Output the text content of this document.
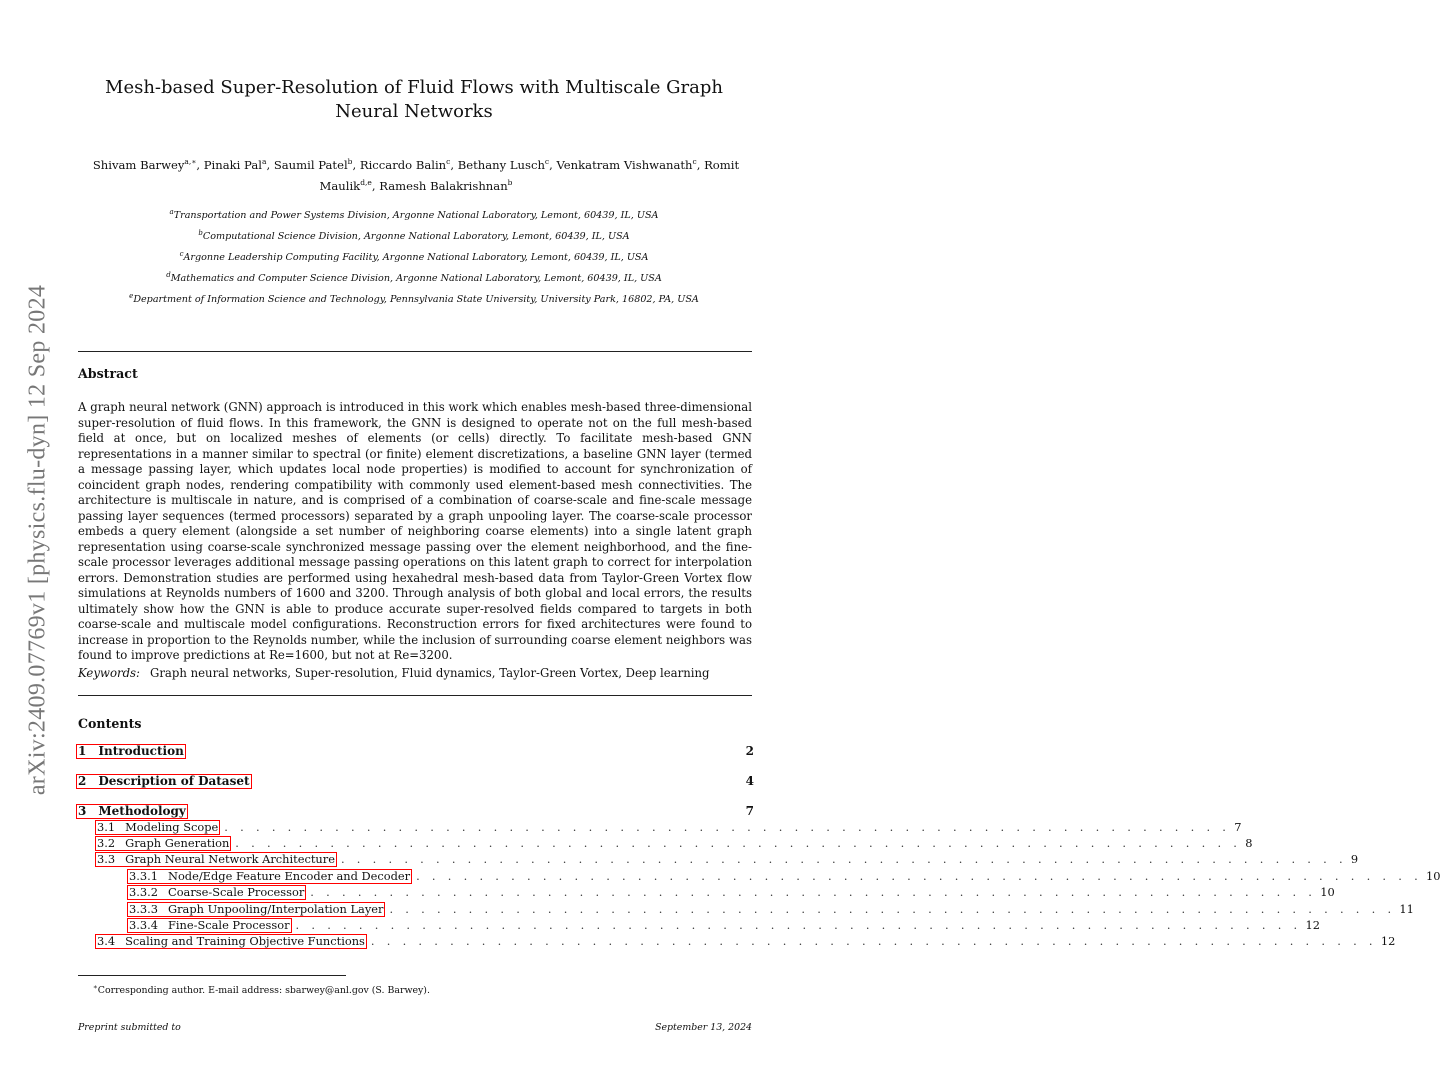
arXiv:2409.07769v1 [physics.flu-dyn] 12 Sep 2024
Mesh-based Super-Resolution of Fluid Flows with Multiscale Graph Neural Networks
Shivam Barwey$^{a,∗}$, Pinaki Pal$^a$, Saumil Patel$^b$, Riccardo Balin$^c$, Bethany Lusch$^c$, Venkatram Vishwanath$^c$, Romit Maulik$^{d,e}$, Ramesh Balakrishnan$^b$
$^a$Transportation and Power Systems Division, Argonne National Laboratory, Lemont, 60439, IL, USA
$^b$Computational Science Division, Argonne National Laboratory, Lemont, 60439, IL, USA
$^c$Argonne Leadership Computing Facility, Argonne National Laboratory, Lemont, 60439, IL, USA
$^d$Mathematics and Computer Science Division, Argonne National Laboratory, Lemont, 60439, IL, USA
$^e$Department of Information Science and Technology, Pennsylvania State University, University Park, 16802, PA, USA
Abstract

A graph neural network (GNN) approach is introduced in this work which enables mesh-based three-dimensional super-resolution of fluid flows. In this framework, the GNN is designed to operate not on the full mesh-based field at once, but on localized meshes of elements (or cells) directly. To facilitate mesh-based GNN representations in a manner similar to spectral (or finite) element discretizations, a baseline GNN layer (termed a message passing layer, which updates local node properties) is modified to account for synchronization of coincident graph nodes, rendering compatibility with commonly used element-based mesh connectivities. The architecture is multiscale in nature, and is comprised of a combination of coarse-scale and fine-scale message passing layer sequences (termed processors) separated by a graph unpooling layer. The coarse-scale processor embeds a query element (alongside a set number of neighboring coarse elements) into a single latent graph representation using coarse-scale synchronized message passing over the element neighborhood, and the fine-scale processor leverages additional message passing operations on this latent graph to correct for interpolation errors. Demonstration studies are performed using hexahedral mesh-based data from Taylor-Green Vortex flow simulations at Reynolds numbers of 1600 and 3200. Through analysis of both global and local errors, the results ultimately show how the GNN is able to produce accurate super-resolved fields compared to targets in both coarse-scale and multiscale model configurations. Reconstruction errors for fixed architectures were found to increase in proportion to the Reynolds number, while the inclusion of surrounding coarse element neighbors was found to improve predictions at Re=1600, but not at Re=3200.

Keywords: Graph neural networks, Super-resolution, Fluid dynamics, Taylor-Green Vortex, Deep learning
Contents
1 Introduction	2
2 Description of Dataset	4
3 Methodology	7
3.1 Modeling Scope . . . . . . . . . . . . . . . . . . . . . . . . . . . . . . . . . . . . . . . . . . . . . . . . . . . . . . . . . . . . . . . . 7
3.2 Graph Generation . . . . . . . . . . . . . . . . . . . . . . . . . . . . . . . . . . . . . . . . . . . . . . . . . . . . . . . . . . . . . . . . 8
3.3 Graph Neural Network Architecture . . . . . . . . . . . . . . . . . . . . . . . . . . . . . . . . . . . . . . . . . . . . . . . . . . . . . . . . . . . . . . . . 9
3.3.1 Node/Edge Feature Encoder and Decoder . . . . . . . . . . . . . . . . . . . . . . . . . . . . . . . . . . . . . . . . . . . . . . . . . . . . . . . . . . . . . . . . 10
3.3.2 Coarse-Scale Processor . . . . . . . . . . . . . . . . . . . . . . . . . . . . . . . . . . . . . . . . . . . . . . . . . . . . . . . . . . . . . . . . 10
3.3.3 Graph Unpooling/Interpolation Layer . . . . . . . . . . . . . . . . . . . . . . . . . . . . . . . . . . . . . . . . . . . . . . . . . . . . . . . . . . . . . . . . 11
3.3.4 Fine-Scale Processor . . . . . . . . . . . . . . . . . . . . . . . . . . . . . . . . . . . . . . . . . . . . . . . . . . . . . . . . . . . . . . . . 12
3.4 Scaling and Training Objective Functions . . . . . . . . . . . . . . . . . . . . . . . . . . . . . . . . . . . . . . . . . . . . . . . . . . . . . . . . . . . . . . . . 12
∗Corresponding author. E-mail address: sbarwey@anl.gov (S. Barwey).
Preprint submitted to	September 13, 2024
